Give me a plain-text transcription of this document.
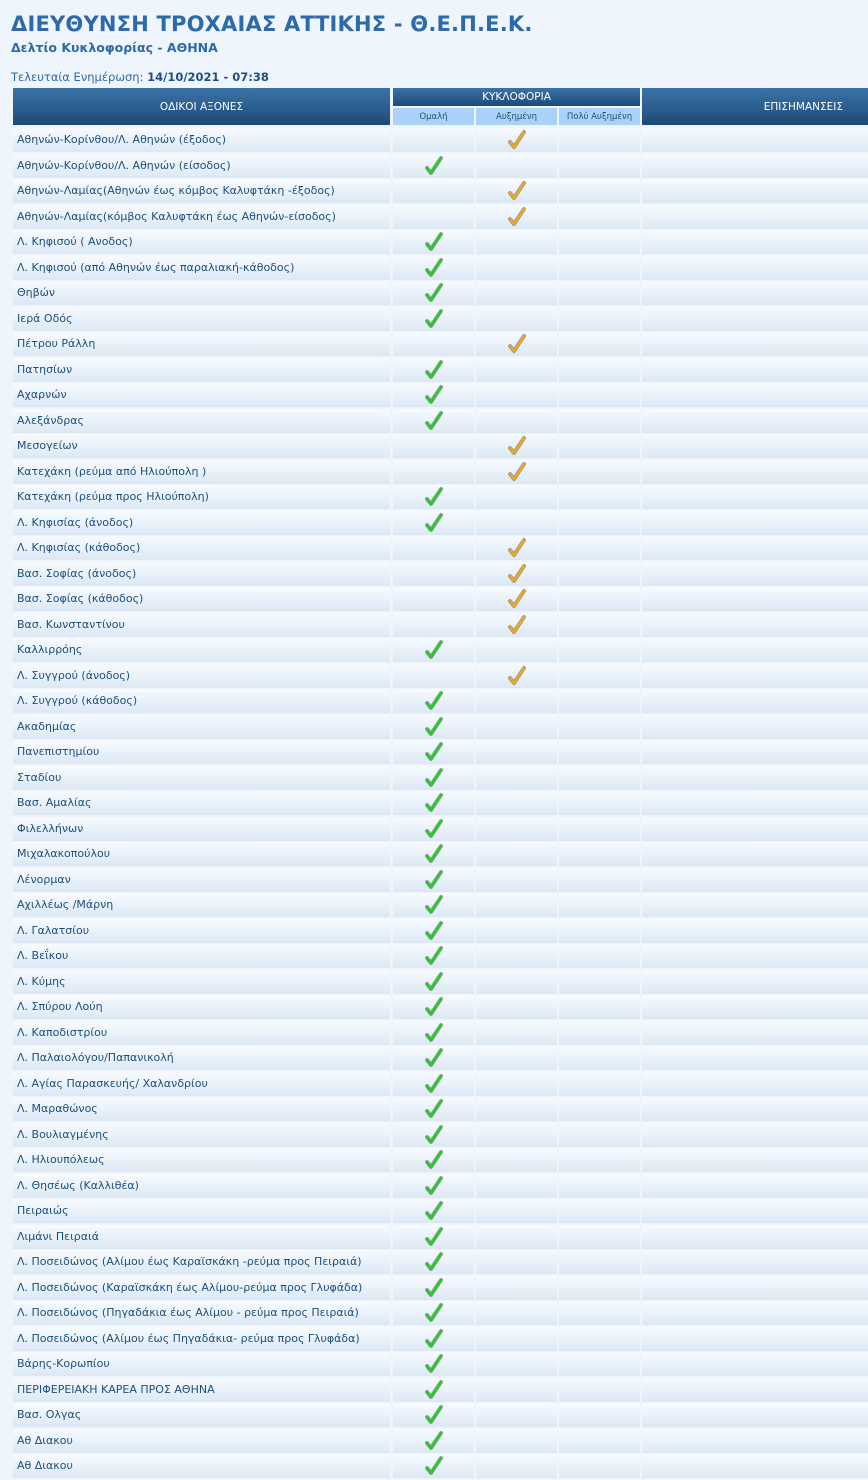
ΔΙΕΥΘΥΝΣΗ ΤΡΟΧΑΙΑΣ ΑΤΤΙΚΗΣ - Θ.Ε.Π.Ε.Κ.
Δελτίο Κυκλοφορίας - ΑΘΗΝΑ
Τελευταία Ενημέρωση: 14/10/2021 - 07:38
ΟΔΙΚΟΙ ΑΞΟΝΕΣ
ΚΥΚΛΟΦΟΡΙΑ
Ομαλή	Αυξημένη	Πολύ Αυξημένη
ΕΠΙΣΗΜΑΝΣΕΙΣ
Αθηνών-Κορίνθου/Λ. Αθηνών (έξοδος)
Αθηνών-Κορίνθου/Λ. Αθηνών (είσοδος)
Αθηνών-Λαμίας(Αθηνών έως κόμβος Καλυφτάκη -έξοδος)
Αθηνών-Λαμίας(κόμβος Καλυφτάκη έως Αθηνών-είσοδος)
Λ. Κηφισού ( Ανοδος)
Λ. Κηφισού (από Αθηνών έως παραλιακή-κάθοδος)
Θηβών
Ιερά Οδός
Πέτρου Ράλλη
Πατησίων
Αχαρνών
Αλεξάνδρας
Μεσογείων
Κατεχάκη (ρεύμα από Ηλιούπολη )
Κατεχάκη (ρεύμα προς Ηλιούπολη)
Λ. Κηφισίας (άνοδος)
Λ. Κηφισίας (κάθοδος)
Βασ. Σοφίας (άνοδος)
Βασ. Σοφίας (κάθοδος)
Βασ. Κωνσταντίνου
Καλλιρρόης
Λ. Συγγρού (άνοδος)
Λ. Συγγρού (κάθοδος)
Ακαδημίας
Πανεπιστημίου
Σταδίου
Βασ. Αμαλίας
Φιλελλήνων
Μιχαλακοπούλου
Λένορμαν
Αχιλλέως /Μάρνη
Λ. Γαλατσίου
Λ. Βεΐκου
Λ. Κύμης
Λ. Σπύρου Λούη
Λ. Καποδιστρίου
Λ. Παλαιολόγου/Παπανικολή
Λ. Αγίας Παρασκευής/ Χαλανδρίου
Λ. Μαραθώνος
Λ. Βουλιαγμένης
Λ. Ηλιουπόλεως
Λ. Θησέως (Καλλιθέα)
Πειραιώς
Λιμάνι Πειραιά
Λ. Ποσειδώνος (Αλίμου έως Καραϊσκάκη -ρεύμα προς Πειραιά)
Λ. Ποσειδώνος (Καραϊσκάκη έως Αλίμου-ρεύμα προς Γλυφάδα)
Λ. Ποσειδώνος (Πηγαδάκια έως Αλίμου - ρεύμα προς Πειραιά)
Λ. Ποσειδώνος (Αλίμου έως Πηγαδάκια- ρεύμα προς Γλυφάδα)
Βάρης-Κορωπίου
ΠΕΡΙΦΕΡΕΙΑΚΗ ΚΑΡΕΑ ΠΡΟΣ ΑΘΗΝΑ
Βασ. Ολγας
Αθ Διακου
Αθ Διακου
